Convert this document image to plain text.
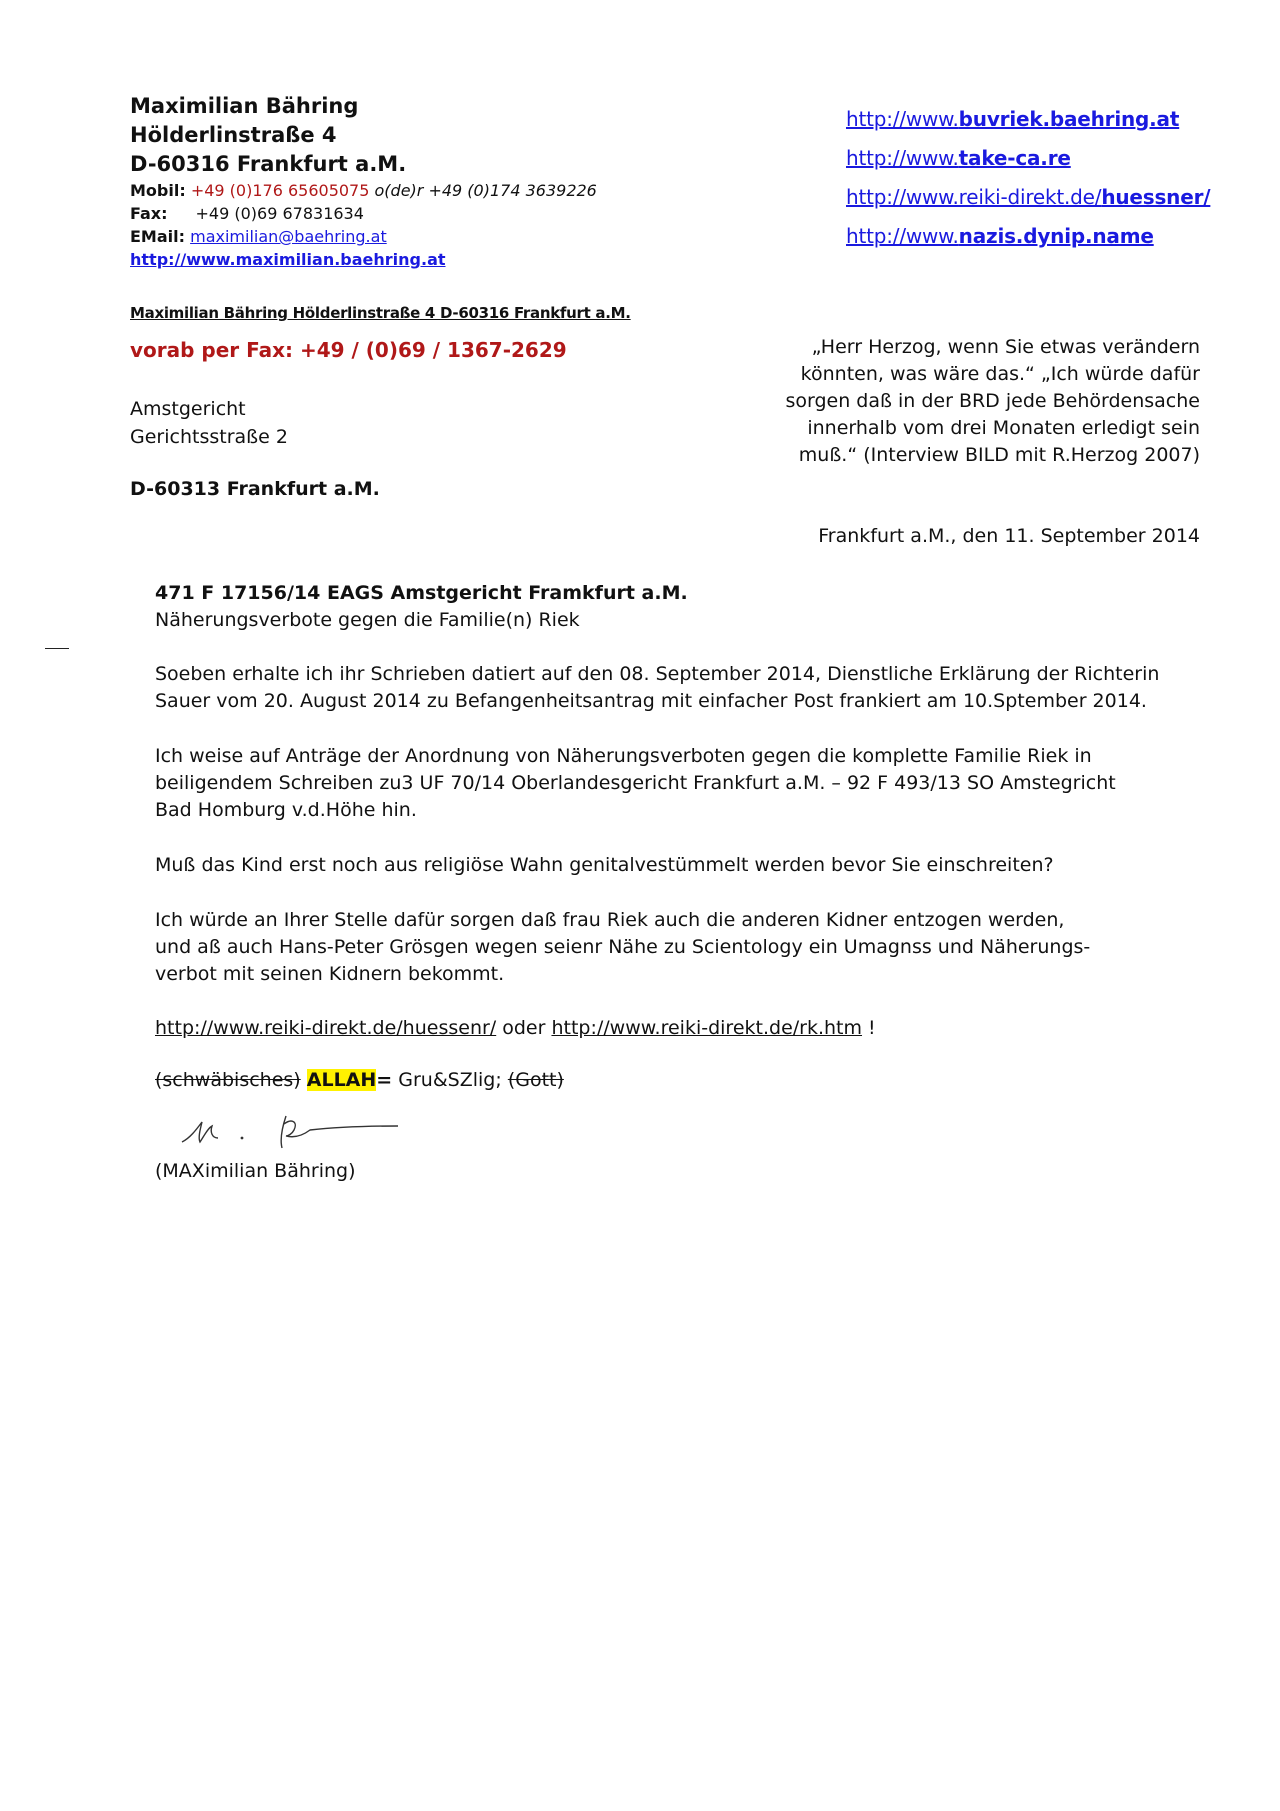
Maximilian Bähring
Hölderlinstraße 4
D-60316 Frankfurt a.M.
Mobil: +49 (0)176 65605075 o(de)r +49 (0)174 3639226
Fax: +49 (0)69 67831634
EMail: maximilian@baehring.at
http://www.maximilian.baehring.at
http://www.buvriek.baehring.at
http://www.take-ca.re
http://www.reiki-direkt.de/huessner/
http://www.nazis.dynip.name
Maximilian Bähring Hölderlinstraße 4 D-60316 Frankfurt a.M.
vorab per Fax: +49 / (0)69 / 1367-2629
Amstgericht
Gerichtsstraße 2
D-60313 Frankfurt a.M.
„Herr Herzog, wenn Sie etwas verändern
könnten, was wäre das.“ „Ich würde dafür
sorgen daß in der BRD jede Behördensache
innerhalb vom drei Monaten erledigt sein
muß.“ (Interview BILD mit R.Herzog 2007)
Frankfurt a.M., den 11. September 2014
471 F 17156/14 EAGS Amstgericht Framkfurt a.M.
Näherungsverbote gegen die Familie(n) Riek
Soeben erhalte ich ihr Schrieben datiert auf den 08. September 2014, Dienstliche Erklärung der Richterin
Sauer vom 20. August 2014 zu Befangenheitsantrag mit einfacher Post frankiert am 10.Sptember 2014.
Ich weise auf Anträge der Anordnung von Näherungsverboten gegen die komplette Familie Riek in
beiligendem Schreiben zu3 UF 70/14 Oberlandesgericht Frankfurt a.M. – 92 F 493/13 SO Amstegricht
Bad Homburg v.d.Höhe hin.
Muß das Kind erst noch aus religiöse Wahn genitalvestümmelt werden bevor Sie einschreiten?
Ich würde an Ihrer Stelle dafür sorgen daß frau Riek auch die anderen Kidner entzogen werden,
und aß auch Hans-Peter Grösgen wegen seienr Nähe zu Scientology ein Umagnss und Näherungs-
verbot mit seinen Kidnern bekommt.
http://www.reiki-direkt.de/huessenr/ oder http://www.reiki-direkt.de/rk.htm !
(schwäbisches) ALLAH= Gru&SZlig; (Gott)
(MAXimilian Bähring)
